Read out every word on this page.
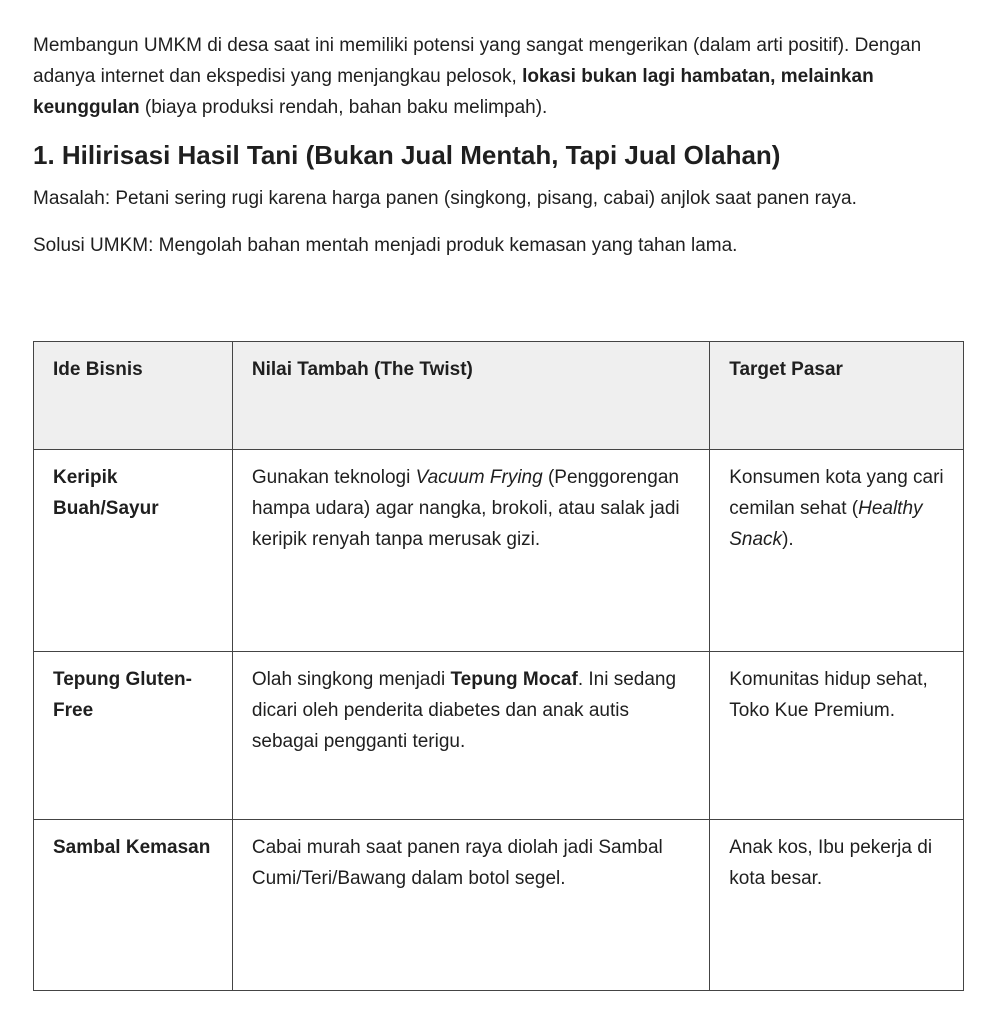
Membangun UMKM di desa saat ini memiliki potensi yang sangat mengerikan (dalam arti positif). Dengan adanya internet dan ekspedisi yang menjangkau pelosok, lokasi bukan lagi hambatan, melainkan keunggulan (biaya produksi rendah, bahan baku melimpah).

1. Hilirisasi Hasil Tani (Bukan Jual Mentah, Tapi Jual Olahan)

Masalah: Petani sering rugi karena harga panen (singkong, pisang, cabai) anjlok saat panen raya.

Solusi UMKM: Mengolah bahan mentah menjadi produk kemasan yang tahan lama.

Ide Bisnis	Nilai Tambah (The Twist)	Target Pasar
Keripik Buah/Sayur	Gunakan teknologi Vacuum Frying (Penggorengan hampa udara) agar nangka, brokoli, atau salak jadi keripik renyah tanpa merusak gizi.	Konsumen kota yang cari cemilan sehat (Healthy Snack).
Tepung Gluten-Free	Olah singkong menjadi Tepung Mocaf. Ini sedang dicari oleh penderita diabetes dan anak autis sebagai pengganti terigu.	Komunitas hidup sehat, Toko Kue Premium.
Sambal Kemasan	Cabai murah saat panen raya diolah jadi Sambal Cumi/Teri/Bawang dalam botol segel.	Anak kos, Ibu pekerja di kota besar.
